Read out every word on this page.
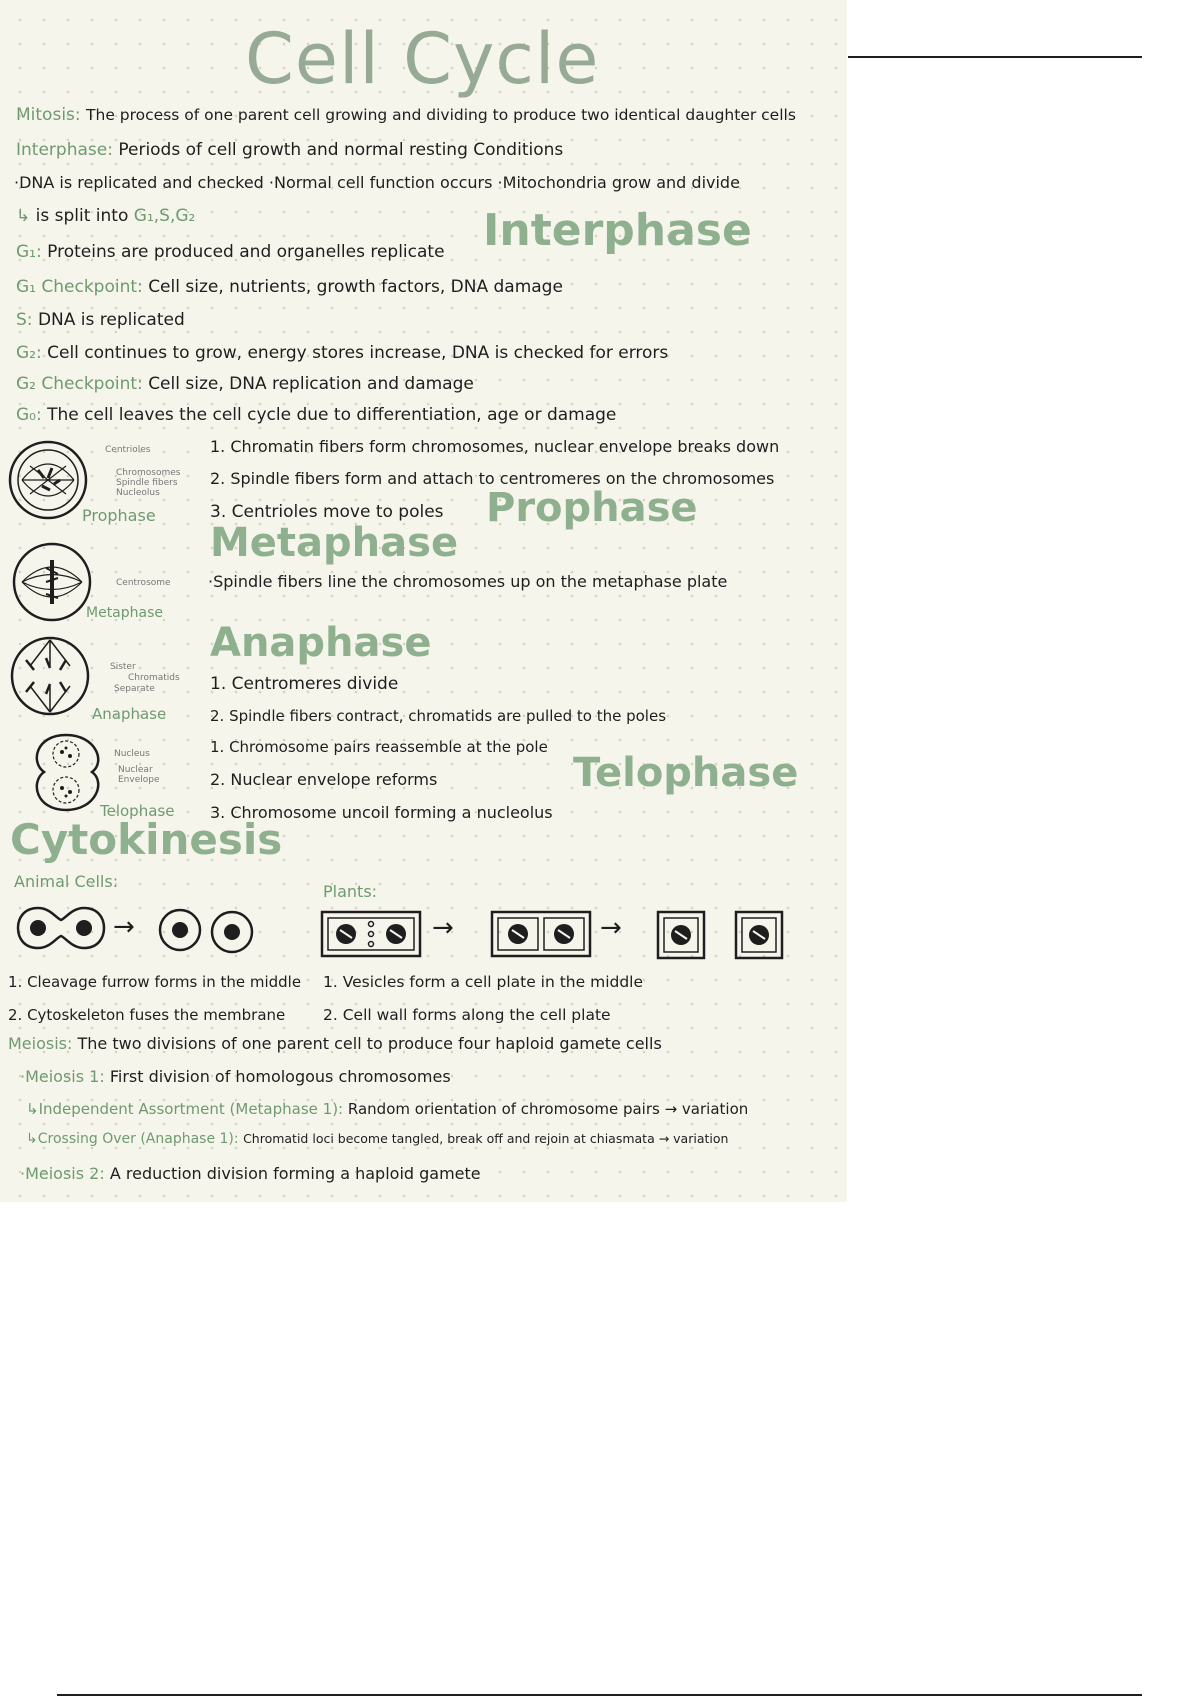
Cell Cycle
Mitosis: The process of one parent cell growing and dividing to produce two identical daughter cells
Interphase: Periods of cell growth and normal resting Conditions
·DNA is replicated and checked ·Normal cell function occurs ·Mitochondria grow and divide
↳ is split into G₁,S,G₂	Interphase
G₁: Proteins are produced and organelles replicate
G₁ Checkpoint: Cell size, nutrients, growth factors, DNA damage
S: DNA is replicated
G₂: Cell continues to grow, energy stores increase, DNA is checked for errors
G₂ Checkpoint: Cell size, DNA replication and damage
G₀: The cell leaves the cell cycle due to differentiation, age or damage
Centrioles
Chromosomes
Spindle fibers
Nucleolus
Prophase
1. Chromatin fibers form chromosomes, nuclear envelope breaks down
2. Spindle fibers form and attach to centromeres on the chromosomes
3. Centrioles move to poles Prophase
Metaphase
Centrosome
Metaphase
·Spindle fibers line the chromosomes up on the metaphase plate
Anaphase
Sister
Chromatids
Separate
Anaphase
1. Centromeres divide
2. Spindle fibers contract, chromatids are pulled to the poles
Nucleus
Nuclear
Envelope
Telophase
1. Chromosome pairs reassemble at the pole
2. Nuclear envelope reforms
3. Chromosome uncoil forming a nucleolus
Telophase
Cytokinesis
Animal Cells:
Plants:
→	→	→
1. Cleavage furrow forms in the middle
2. Cytoskeleton fuses the membrane
1. Vesicles form a cell plate in the middle
2. Cell wall forms along the cell plate
Meiosis: The two divisions of one parent cell to produce four haploid gamete cells
·Meiosis 1: First division of homologous chromosomes
↳Independent Assortment (Metaphase 1): Random orientation of chromosome pairs → variation
↳Crossing Over (Anaphase 1): Chromatid loci become tangled, break off and rejoin at chiasmata → variation
·Meiosis 2: A reduction division forming a haploid gamete
